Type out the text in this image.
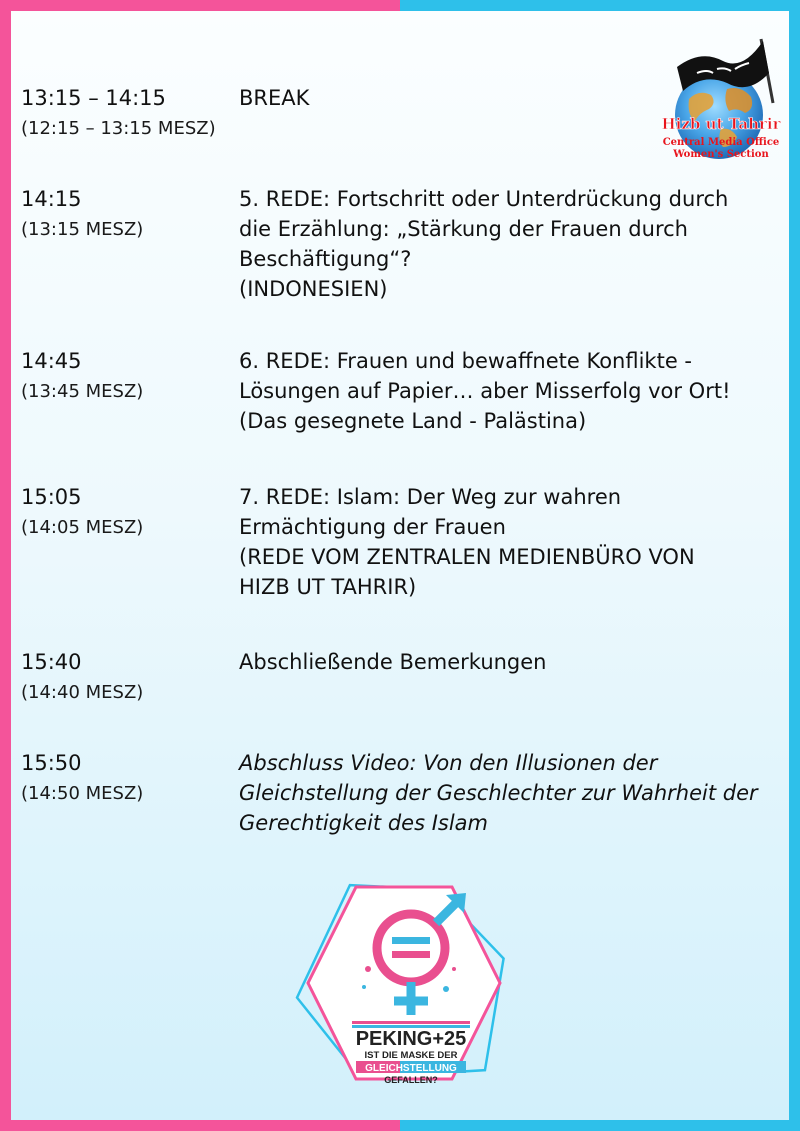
13:15 – 14:15
(12:15 – 13:15 MESZ)
BREAK
14:15
(13:15 MESZ)
5. REDE: Fortschritt oder Unterdrückung durch
die Erzählung: „Stärkung der Frauen durch
Beschäftigung“?
(INDONESIEN)
14:45
(13:45 MESZ)
6. REDE: Frauen und bewaffnete Konflikte -
Lösungen auf Papier… aber Misserfolg vor Ort!
(Das gesegnete Land - Palästina)
15:05
(14:05 MESZ)
7. REDE: Islam: Der Weg zur wahren
Ermächtigung der Frauen
(REDE VOM ZENTRALEN MEDIENBÜRO VON
HIZB UT TAHRIR)
15:40
(14:40 MESZ)
Abschließende Bemerkungen
15:50
(14:50 MESZ)
Abschluss Video: Von den Illusionen der
Gleichstellung der Geschlechter zur Wahrheit der
Gerechtigkeit des Islam
Hizb ut Tahrir
Central Media Office
Women's Section
PEKING+25
IST DIE MASKE DER
GLEICHSTELLUNG
GEFALLEN?
